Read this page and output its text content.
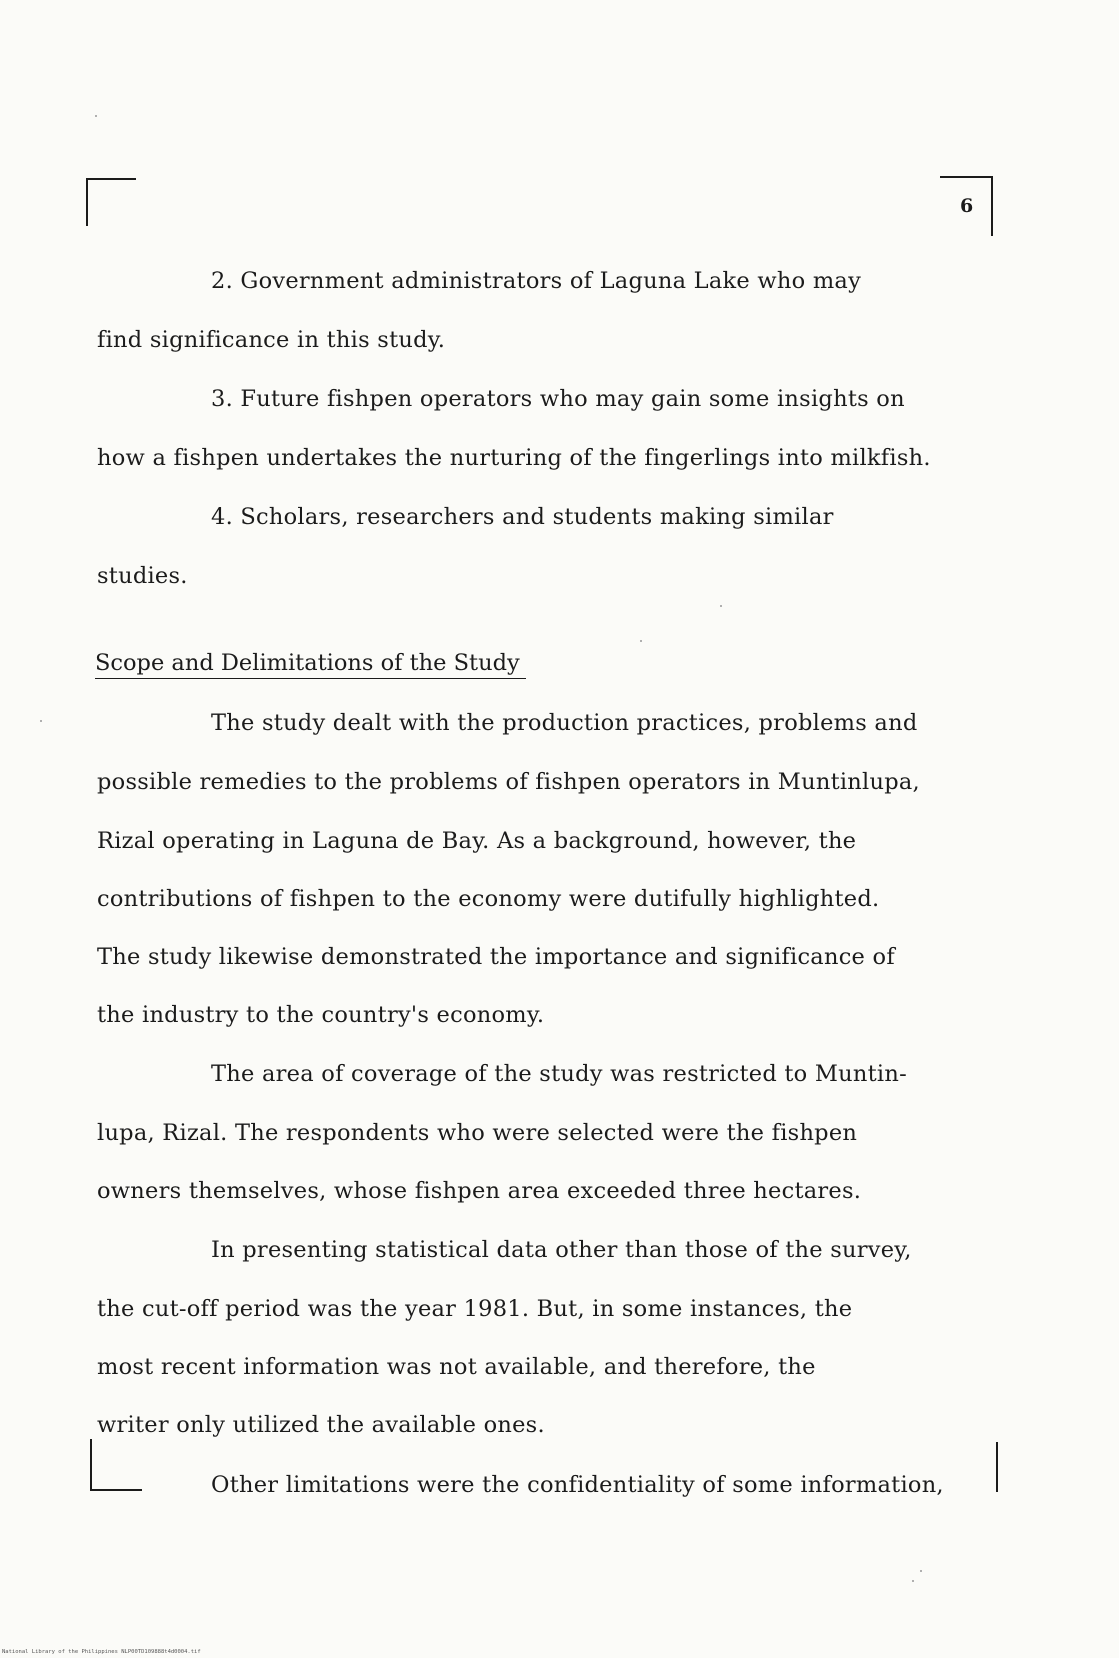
6
2. Government administrators of Laguna Lake who may
find significance in this study.
3. Future fishpen operators who may gain some insights on
how a fishpen undertakes the nurturing of the fingerlings into milkfish.
4. Scholars, researchers and students making similar
studies.
Scope and Delimitations of the Study
The study dealt with the production practices, problems and
possible remedies to the problems of fishpen operators in Muntinlupa,
Rizal operating in Laguna de Bay. As a background, however, the
contributions of fishpen to the economy were dutifully highlighted.
The study likewise demonstrated the importance and significance of
the industry to the country's economy.
The area of coverage of the study was restricted to Muntin-
lupa, Rizal. The respondents who were selected were the fishpen
owners themselves, whose fishpen area exceeded three hectares.
In presenting statistical data other than those of the survey,
the cut-off period was the year 1981. But, in some instances, the
most recent information was not available, and therefore, the
writer only utilized the available ones.
Other limitations were the confidentiality of some information,
National Library of the Philippines NLP00TD109888t4d0004.tif
